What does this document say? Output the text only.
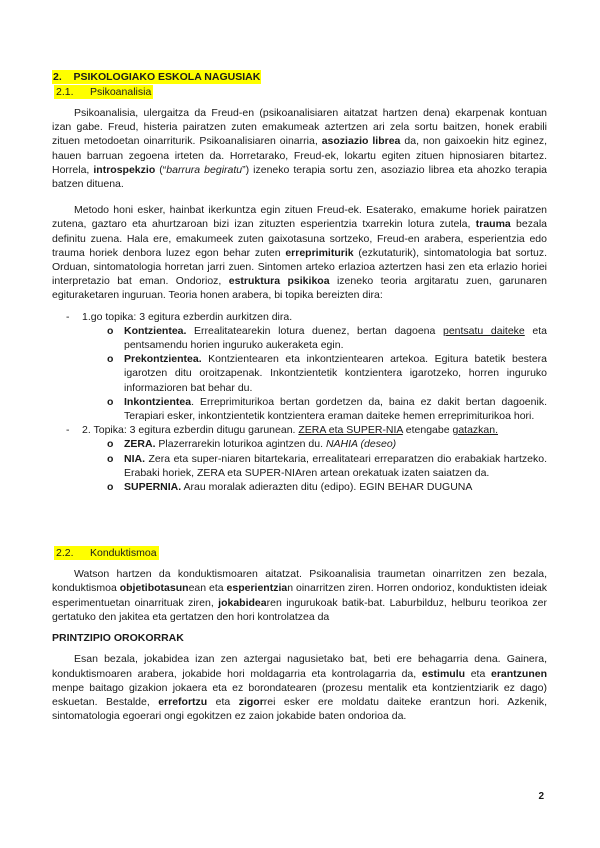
2. PSIKOLOGIAKO ESKOLA NAGUSIAK
2.1. Psikoanalisia

Psikoanalisia, ulergaitza da Freud-en (psikoanalisiaren aitatzat hartzen dena) ekarpenak kontuan izan gabe. Freud, histeria pairatzen zuten emakumeak aztertzen ari zela sortu baitzen, honek erabili zituen metodoetan oinarriturik. Psikoanalisiaren oinarria, asoziazio librea da, non gaixoekin hitz eginez, hauen barruan zegoena irteten da. Horretarako, Freud-ek, lokartu egiten zituen hipnosiaren bitartez. Horrela, introspekzio (“barrura begiratu”) izeneko terapia sortu zen, asoziazio librea eta ahozko terapia batzen dituena.

Metodo honi esker, hainbat ikerkuntza egin zituen Freud-ek. Esaterako, emakume horiek pairatzen zutena, gaztaro eta ahurtzaroan bizi izan zituzten esperientzia txarrekin lotura zutela, trauma bezala definitu zuena. Hala ere, emakumeek zuten gaixotasuna sortzeko, Freud-en arabera, esperientzia edo trauma horiek denbora luzez egon behar zuten erreprimiturik (ezkutaturik), sintomatologia bat sortuz. Orduan, sintomatologia horretan jarri zuen. Sintomen arteko erlazioa aztertzen hasi zen eta erlazio horiei interpretazio bat eman. Ondorioz, estruktura psikikoa izeneko teoria argitaratu zuen, garunaren egituraketaren inguruan. Teoria honen arabera, bi topika bereizten dira:

- 1.go topika: 3 egitura ezberdin aurkitzen dira.

o Kontzientea. Errealitatearekin lotura duenez, bertan dagoena pentsatu daiteke eta pentsamendu horien inguruko aukeraketa egin.

o Prekontzientea. Kontzientearen eta inkontzientearen artekoa. Egitura batetik bestera igarotzen ditu oroitzapenak. Inkontzientetik kontzientera igarotzeko, horren inguruko informazioren bat behar du.

o Inkontzientea. Erreprimiturikoa bertan gordetzen da, baina ez dakit bertan dagoenik. Terapiari esker, inkontzientetik kontzientera eraman daiteke hemen erreprimiturikoa hori.

- 2. Topika: 3 egitura ezberdin ditugu garunean. ZERA eta SUPER-NIA etengabe gatazkan.

o ZERA. Plazerrarekin loturikoa agintzen du. NAHIA (deseo)

o NIA. Zera eta super-niaren bitartekaria, errealitateari erreparatzen dio erabakiak hartzeko. Erabaki horiek, ZERA eta SUPER-NIAren artean orekatuak izaten saiatzen da.

o SUPERNIA. Arau moralak adierazten ditu (edipo). EGIN BEHAR DUGUNA

2.2. Konduktismoa

Watson hartzen da konduktismoaren aitatzat. Psikoanalisia traumetan oinarritzen zen bezala, konduktismoa objetibotasunean eta esperientzian oinarritzen ziren. Horren ondorioz, konduktisten ideiak esperimentuetan oinarrituak ziren, jokabidearen ingurukoak batik-bat. Laburbilduz, helburu teorikoa zer gertatuko den jakitea eta gertatzen den hori kontrolatzea da

PRINTZIPIO OROKORRAK

Esan bezala, jokabidea izan zen aztergai nagusietako bat, beti ere behagarria dena. Gainera, konduktismoaren arabera, jokabide hori moldagarria eta kontrolagarria da, estimulu eta erantzunen menpe baitago gizakion jokaera eta ez borondatearen (prozesu mentalik eta kontzientziarik ez dago) eskuetan. Bestalde, errefortzu eta zigorrei esker ere moldatu daiteke erantzun hori. Azkenik, sintomatologia egoerari ongi egokitzen ez zaion jokabide baten ondorioa da.

2
